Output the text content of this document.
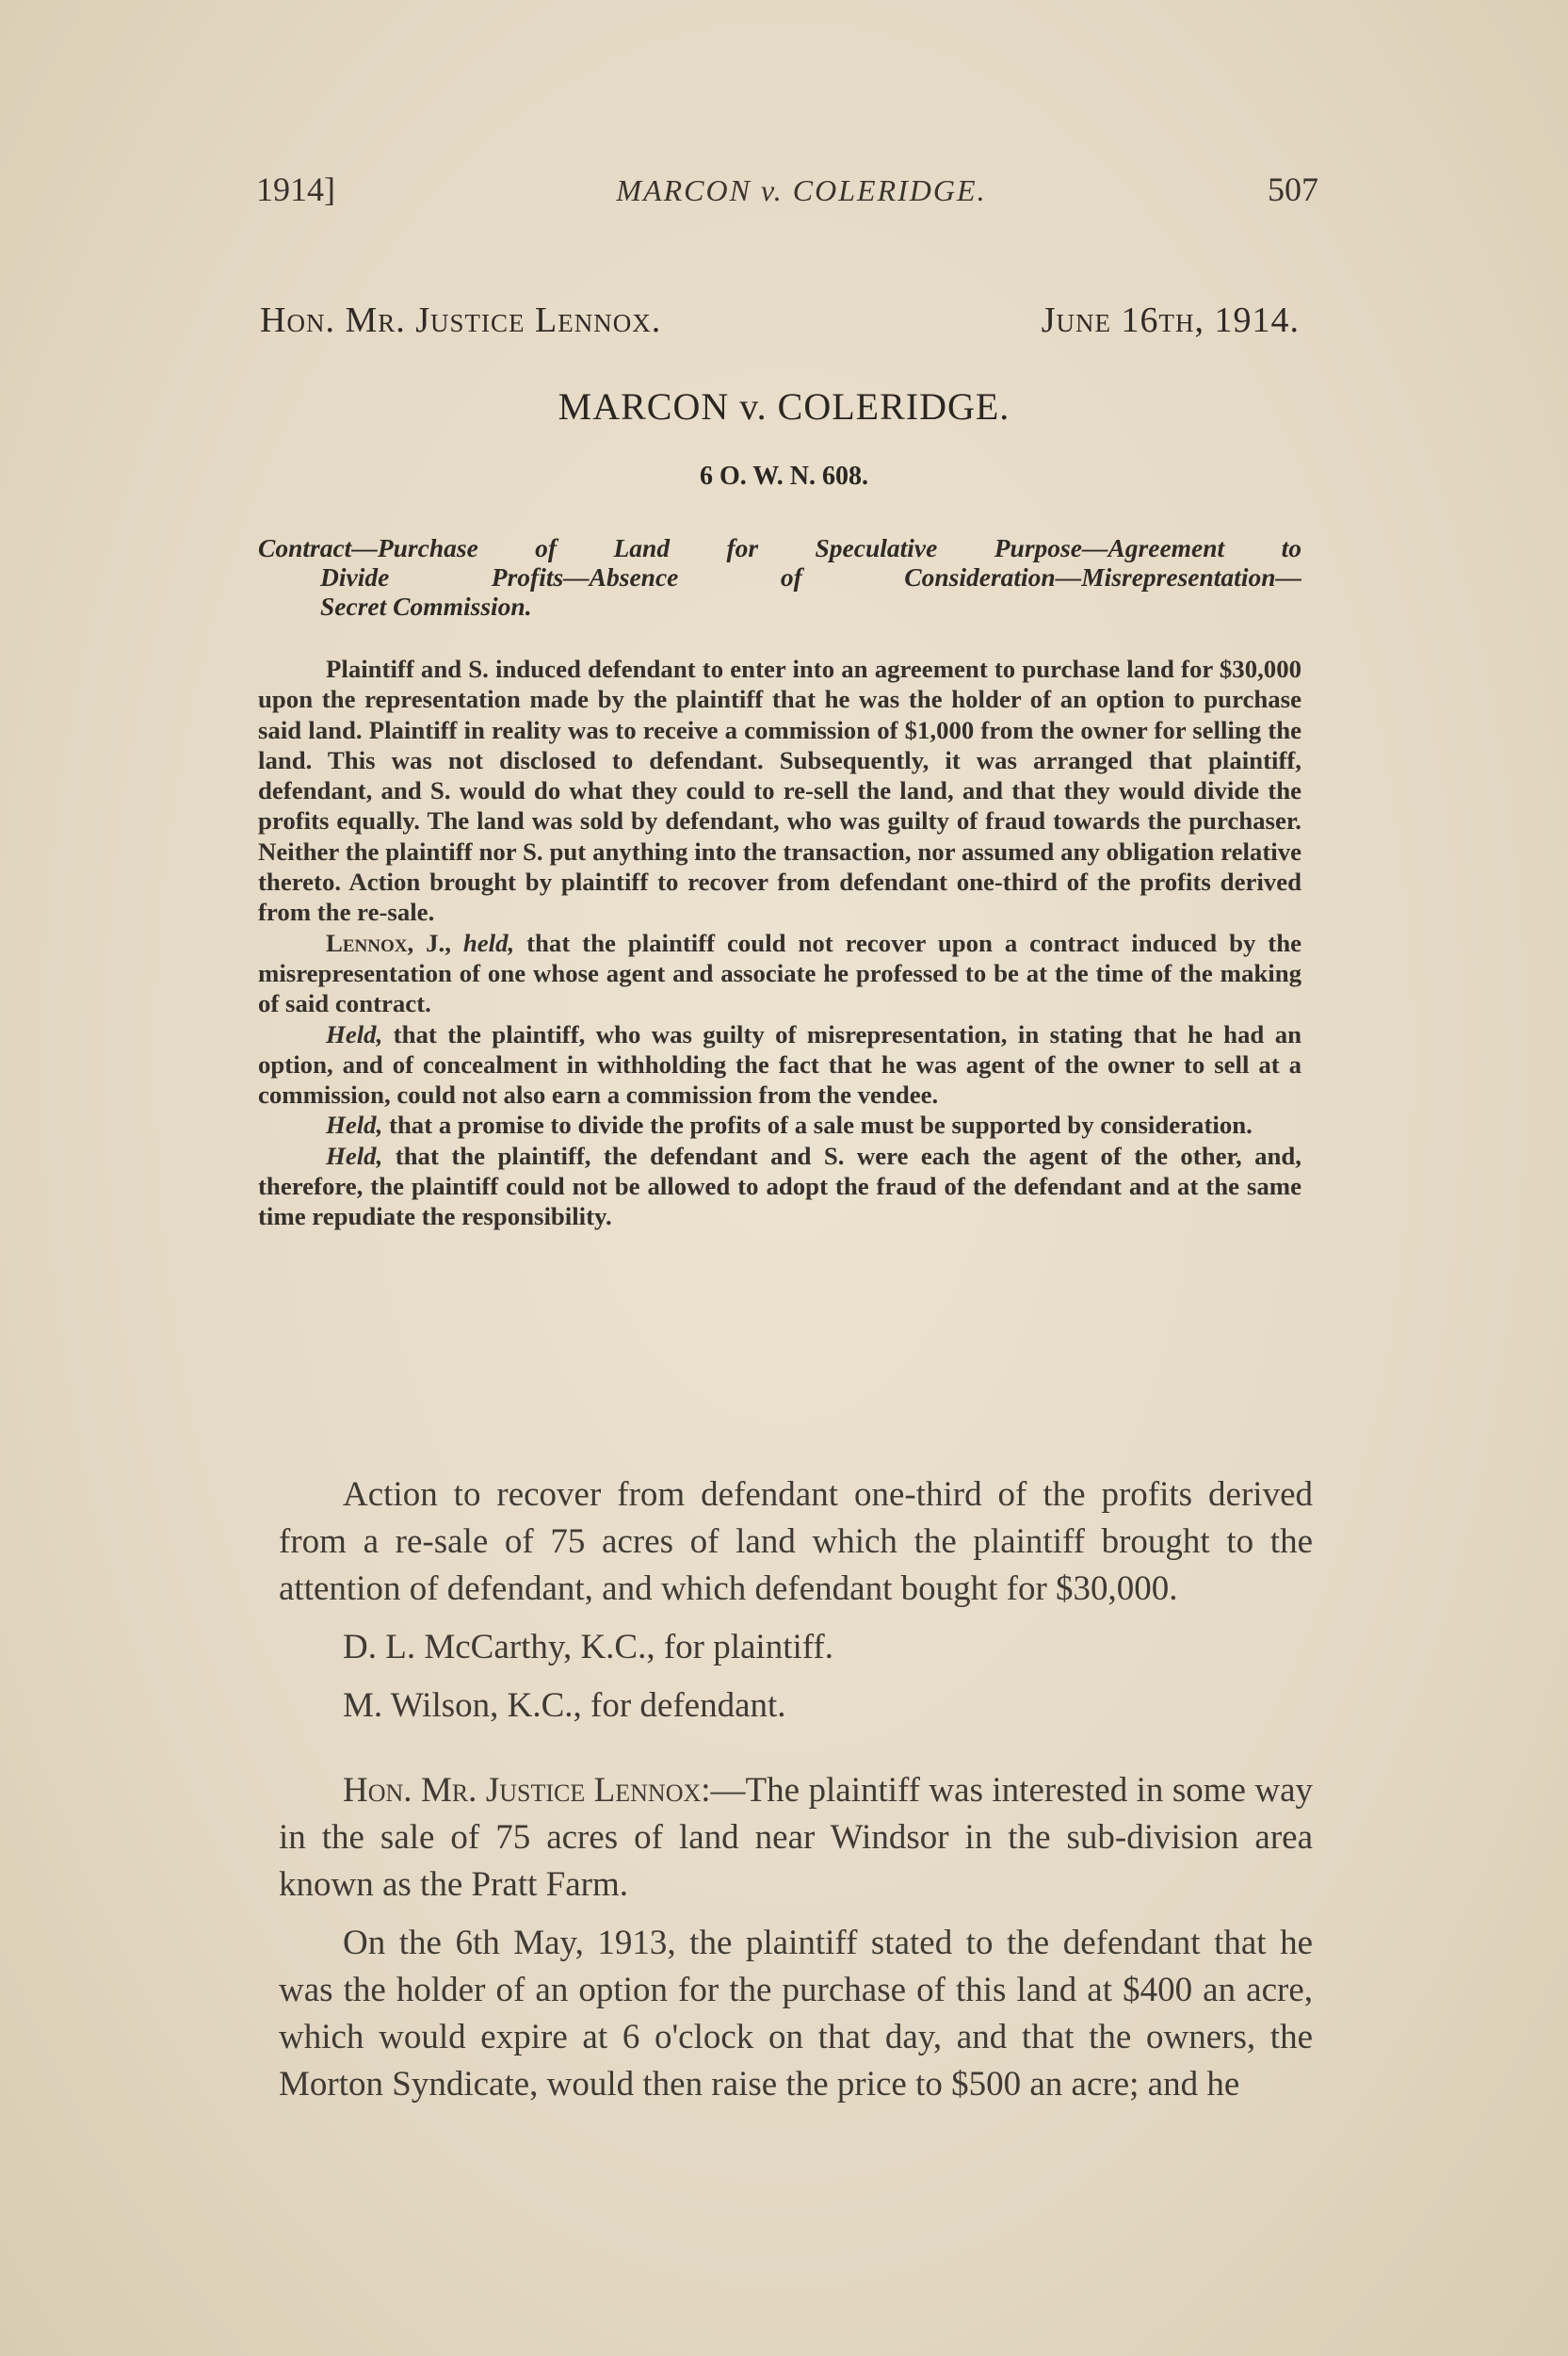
1914]	MARCON v. COLERIDGE.	507
Hon. Mr. Justice Lennox.	June 16th, 1914.
MARCON v. COLERIDGE.
6 O. W. N. 608.
Contract—Purchase of Land for Speculative Purpose—Agreement to
Divide Profits—Absence of Consideration—Misrepresentation—
Secret Commission.

Plaintiff and S. induced defendant to enter into an agreement to purchase land for $30,000 upon the representation made by the plaintiff that he was the holder of an option to purchase said land. Plaintiff in reality was to receive a commission of $1,000 from the owner for selling the land. This was not disclosed to defendant. Subsequently, it was arranged that plaintiff, defendant, and S. would do what they could to re-sell the land, and that they would divide the profits equally. The land was sold by defendant, who was guilty of fraud towards the purchaser. Neither the plaintiff nor S. put anything into the transaction, nor assumed any obligation relative thereto. Action brought by plaintiff to recover from defendant one-third of the profits derived from the re-sale.

Lennox, J., held, that the plaintiff could not recover upon a contract induced by the misrepresentation of one whose agent and associate he professed to be at the time of the making of said contract.

Held, that the plaintiff, who was guilty of misrepresentation, in stating that he had an option, and of concealment in withholding the fact that he was agent of the owner to sell at a commission, could not also earn a commission from the vendee.

Held, that a promise to divide the profits of a sale must be supported by consideration.

Held, that the plaintiff, the defendant and S. were each the agent of the other, and, therefore, the plaintiff could not be allowed to adopt the fraud of the defendant and at the same time repudiate the responsibility.

Action to recover from defendant one-third of the profits derived from a re-sale of 75 acres of land which the plaintiff brought to the attention of defendant, and which defendant bought for $30,000.

D. L. McCarthy, K.C., for plaintiff.

M. Wilson, K.C., for defendant.

Hon. Mr. Justice Lennox:—The plaintiff was interested in some way in the sale of 75 acres of land near Windsor in the sub-division area known as the Pratt Farm.

On the 6th May, 1913, the plaintiff stated to the defendant that he was the holder of an option for the purchase of this land at $400 an acre, which would expire at 6 o'clock on that day, and that the owners, the Morton Syndicate, would then raise the price to $500 an acre; and he
